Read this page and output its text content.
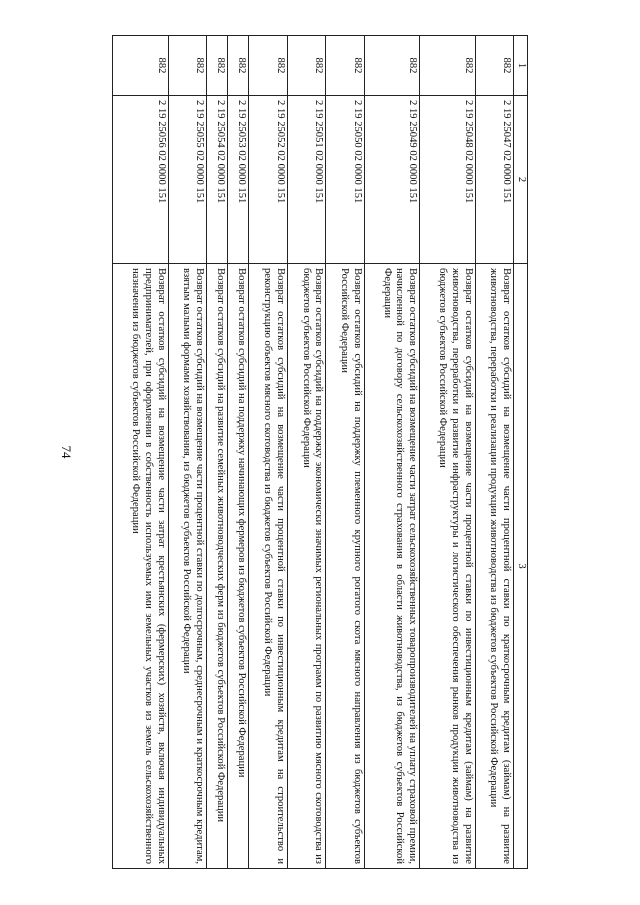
74
1	2	3
882	2 19 25047 02 0000 151	Возврат остатков субсидий на возмещение части процентной ставки по краткосрочным кредитам (займам) на развитие животноводства, переработки и реализации продукции животноводства из бюджетов субъектов Российской Федерации
882	2 19 25048 02 0000 151	Возврат остатков субсидий на возмещение части процентной ставки по инвестиционным кредитам (займам) на развитие животноводства, переработки и развитие инфраструктуры и логистического обеспечения рынков продукции животноводства из бюджетов субъектов Российской Федерации
882	2 19 25049 02 0000 151	Возврат остатков субсидий на возмещение части затрат сельскохозяйственных товаропроизводителей на уплату страховой премии, начисленной по договору сельскохозяйственного страхования в области животноводства, из бюджетов субъектов Российской Федерации
882	2 19 25050 02 0000 151	Возврат остатков субсидий на поддержку племенного крупного рогатого скота мясного направления из бюджетов субъектов Российской Федерации
882	2 19 25051 02 0000 151	Возврат остатков субсидий на поддержку экономически значимых региональных программ по развитию мясного скотоводства из бюджетов субъектов Российской Федерации
882	2 19 25052 02 0000 151	Возврат остатков субсидий на возмещение части процентной ставки по инвестиционным кредитам на строительство и реконструкцию объектов мясного скотоводства из бюджетов субъектов Российской Федерации
882	2 19 25053 02 0000 151	Возврат остатков субсидий на поддержку начинающих фермеров из бюджетов субъектов Российской Федерации
882	2 19 25054 02 0000 151	Возврат остатков субсидий на развитие семейных животноводческих ферм из бюджетов субъектов Российской Федерации
882	2 19 25055 02 0000 151	Возврат остатков субсидий на возмещение части процентной ставки по долгосрочным, среднесрочным и краткосрочным кредитам, взятым малыми формами хозяйствования, из бюджетов субъектов Российской Федерации
882	2 19 25056 02 0000 151	Возврат остатков субсидий на возмещение части затрат крестьянских (фермерских) хозяйств, включая индивидуальных предпринимателей, при оформлении в собственность используемых ими земельных участков из земель сельскохозяйственного назначения из бюджетов субъектов Российской Федерации
